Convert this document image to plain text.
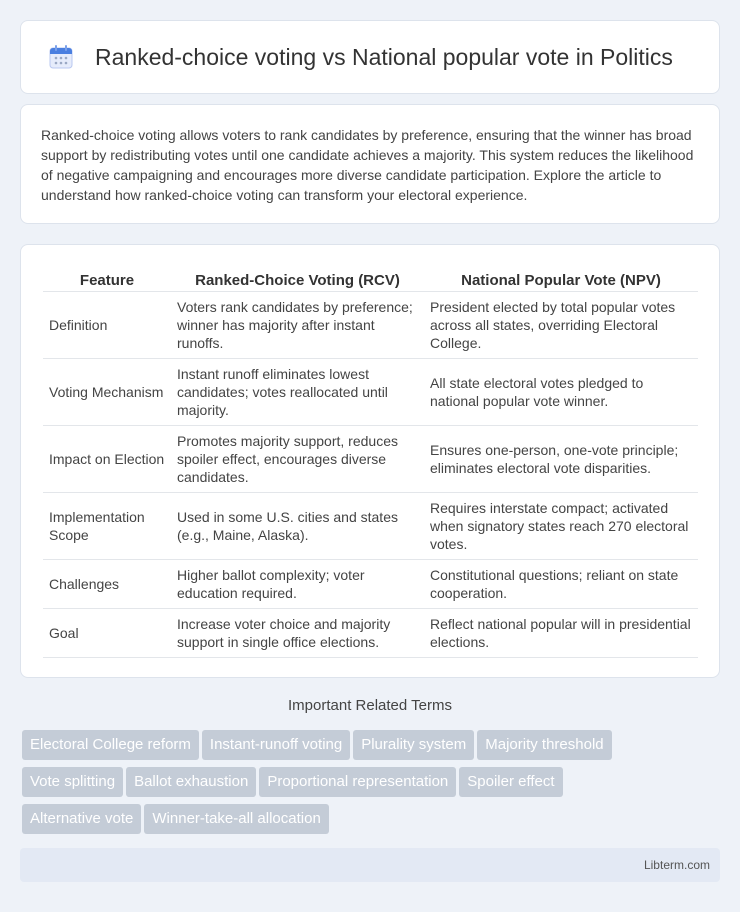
Ranked-choice voting vs National popular vote in Politics

Ranked-choice voting allows voters to rank candidates by preference, ensuring that the winner has broad support by redistributing votes until one candidate achieves a majority. This system reduces the likelihood of negative campaigning and encourages more diverse candidate participation. Explore the article to understand how ranked-choice voting can transform your electoral experience.

Feature	Ranked-Choice Voting (RCV)	National Popular Vote (NPV)
Definition	Voters rank candidates by preference; winner has majority after instant runoffs.	President elected by total popular votes across all states, overriding Electoral College.
Voting Mechanism	Instant runoff eliminates lowest candidates; votes reallocated until majority.	All state electoral votes pledged to national popular vote winner.
Impact on Election	Promotes majority support, reduces spoiler effect, encourages diverse candidates.	Ensures one-person, one-vote principle; eliminates electoral vote disparities.
Implementation Scope	Used in some U.S. cities and states (e.g., Maine, Alaska).	Requires interstate compact; activated when signatory states reach 270 electoral votes.
Challenges	Higher ballot complexity; voter education required.	Constitutional questions; reliant on state cooperation.
Goal	Increase voter choice and majority support in single office elections.	Reflect national popular will in presidential elections.
Important Related Terms
Electoral College reform Instant-runoff voting Plurality system Majority threshold
Vote splitting Ballot exhaustion Proportional representation Spoiler effect
Alternative vote Winner-take-all allocation
Libterm.com
